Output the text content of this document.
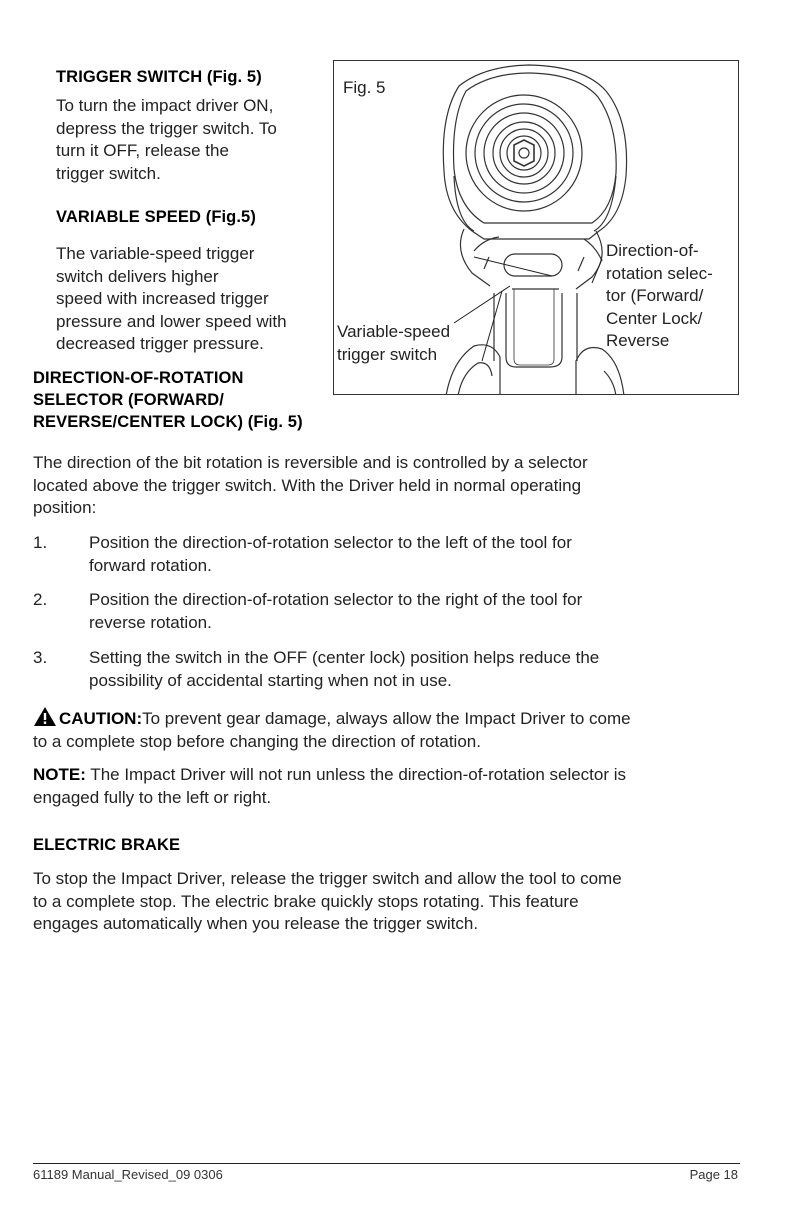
TRIGGER SWITCH (Fig. 5)
To turn the impact driver ON,
depress the trigger switch. To
turn it OFF, release the
trigger switch.
VARIABLE SPEED (Fig.5)
The variable-speed trigger
switch delivers higher
speed with increased trigger
pressure and lower speed with
decreased trigger pressure.
Fig. 5
Direction-of-
rotation selec-
tor (Forward/
Center Lock/
Reverse
Variable-speed
trigger switch
DIRECTION-OF-ROTATION
SELECTOR (FORWARD/
REVERSE/CENTER LOCK) (Fig. 5)
The direction of the bit rotation is reversible and is controlled by a selector
located above the trigger switch. With the Driver held in normal operating
position:
1. Position the direction-of-rotation selector to the left of the tool for
forward rotation.
2. Position the direction-of-rotation selector to the right of the tool for
reverse rotation.
3. Setting the switch in the OFF (center lock) position helps reduce the
possibility of accidental starting when not in use.
CAUTION:To prevent gear damage, always allow the Impact Driver to come
to a complete stop before changing the direction of rotation.
NOTE: The Impact Driver will not run unless the direction-of-rotation selector is
engaged fully to the left or right.
ELECTRIC BRAKE
To stop the Impact Driver, release the trigger switch and allow the tool to come
to a complete stop. The electric brake quickly stops rotating. This feature
engages automatically when you release the trigger switch.
61189 Manual_Revised_09 0306	Page 18
